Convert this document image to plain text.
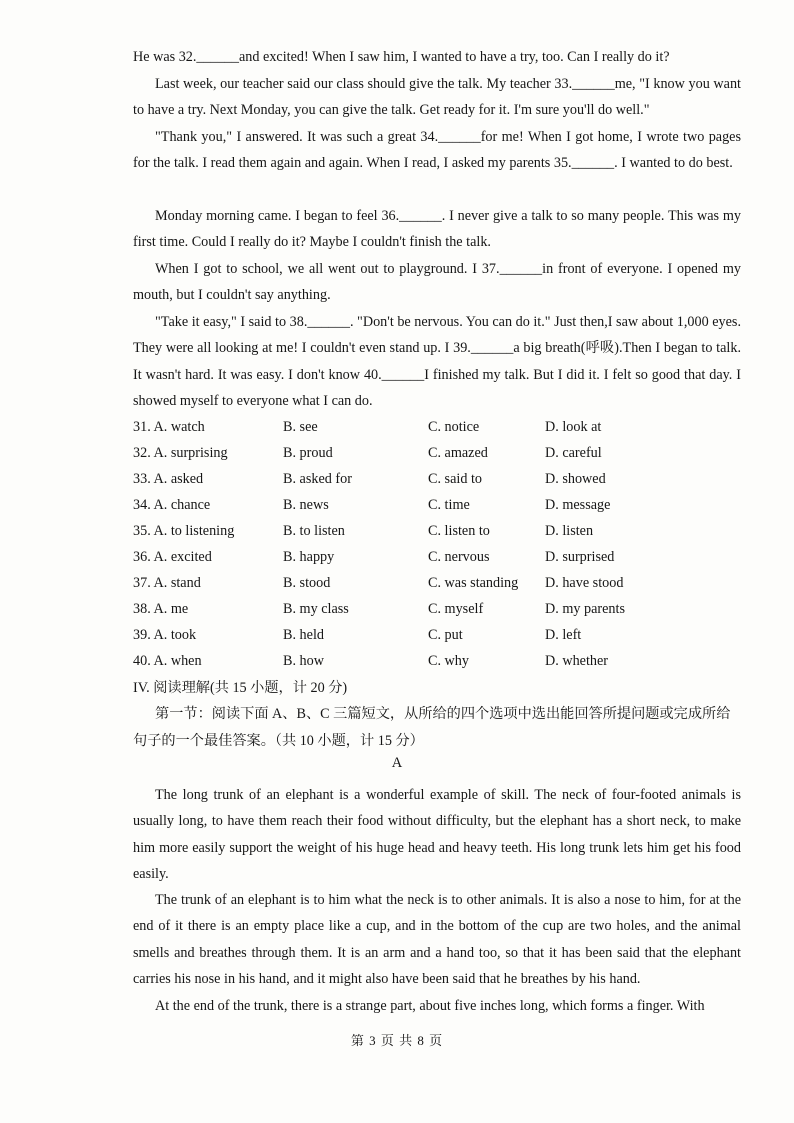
He was 32.______and excited! When I saw him, I wanted to have a try, too. Can I really do it?

Last week, our teacher said our class should give the talk. My teacher 33.______me, "I know you want to have a try. Next Monday, you can give the talk. Get ready for it. I'm sure you'll do well."

"Thank you," I answered. It was such a great 34.______for me! When I got home, I wrote two pages for the talk. I read them again and again. When I read, I asked my parents 35.______. I wanted to do best.

Monday morning came. I began to feel 36.______. I never give a talk to so many people. This was my first time. Could I really do it? Maybe I couldn't finish the talk.

When I got to school, we all went out to playground. I 37.______in front of everyone. I opened my mouth, but I couldn't say anything.

"Take it easy," I said to 38.______. "Don't be nervous. You can do it." Just then,I saw about 1,000 eyes. They were all looking at me! I couldn't even stand up. I 39.______a big breath(呼吸).Then I began to talk. It wasn't hard. It was easy. I don't know 40.______I finished my talk. But I did it. I felt so good that day. I showed myself to everyone what I can do.

31. A. watch	B. see	C. notice	D. look at
32. A. surprising	B. proud	C. amazed	D. careful
33. A. asked	B. asked for	C. said to	D. showed
34. A. chance	B. news	C. time	D. message
35. A. to listening	B. to listen	C. listen to	D. listen
36. A. excited	B. happy	C. nervous	D. surprised
37. A. stand	B. stood	C. was standing D. have stood
38. A. me	B. my class	C. myself	D. my parents
39. A. took	B. held	C. put	D. left
40. A. when	B. how	C. why	D. whether
IV. 阅读理解(共 15 小题，计 20 分)

第一节：阅读下面 A、B、C 三篇短文，从所给的四个选项中选出能回答所提问题或完成所给句子的一个最佳答案。（共 10 小题，计 15 分）

A

The long trunk of an elephant is a wonderful example of skill. The neck of four-footed animals is usually long, to have them reach their food without difficulty, but the elephant has a short neck, to make him more easily support the weight of his huge head and heavy teeth. His long trunk lets him get his food easily.

The trunk of an elephant is to him what the neck is to other animals. It is also a nose to him, for at the end of it there is an empty place like a cup, and in the bottom of the cup are two holes, and the animal smells and breathes through them. It is an arm and a hand too, so that it has been said that the elephant carries his nose in his hand, and it might also have been said that he breathes by his hand.

At the end of the trunk, there is a strange part, about five inches long, which forms a finger. With

第 3 页 共 8 页
